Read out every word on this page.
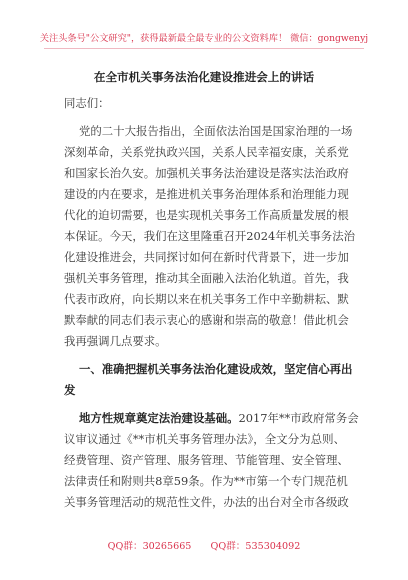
关注头条号"公文研究"，获得最新最全最专业的公文资料库！ 微信：gongwenyj
在全市机关事务法治化建设推进会上的讲话
同志们：
党的二十大报告指出，全面依法治国是国家治理的一场
深刻革命，关系党执政兴国，关系人民幸福安康，关系党
和国家长治久安。加强机关事务法治建设是落实法治政府
建设的内在要求，是推进机关事务治理体系和治理能力现
代化的迫切需要，也是实现机关事务工作高质量发展的根
本保证。今天，我们在这里隆重召开2024年机关事务法治
化建设推进会，共同探讨如何在新时代背景下，进一步加
强机关事务管理，推动其全面融入法治化轨道。首先，我
代表市政府，向长期以来在机关事务工作中辛勤耕耘、默
默奉献的同志们表示衷心的感谢和崇高的敬意！借此机会
我再强调几点要求。
一、准确把握机关事务法治化建设成效，坚定信心再出
发
地方性规章奠定法治建设基础。 2017年**市政府常务会
议审议通过《**市机关事务管理办法》，全文分为总则、
经费管理、资产管理、服务管理、节能管理、安全管理、
法律责任和附则共8章59条。作为**市第一个专门规范机
关事务管理活动的规范性文件，办法的出台对全市各级政
QQ群：30265665 QQ群：535304092
